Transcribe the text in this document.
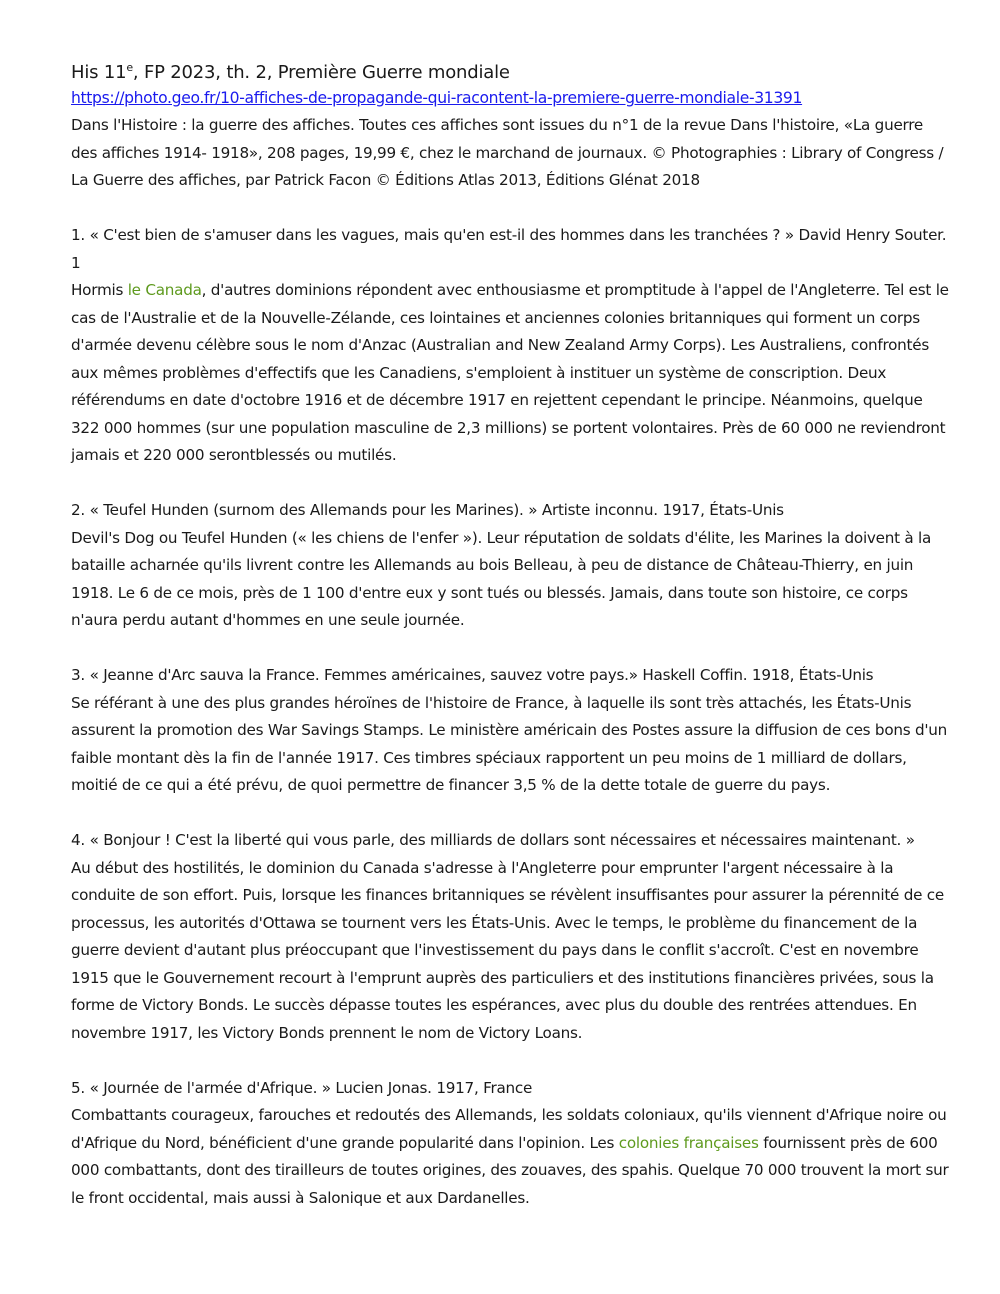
His 11e, FP 2023, th. 2, Première Guerre mondiale
https://photo.geo.fr/10-affiches-de-propagande-qui-racontent-la-premiere-guerre-mondiale-31391

Dans l'Histoire : la guerre des affiches. Toutes ces affiches sont issues du n°1 de la revue Dans l'histoire, «La guerre des affiches 1914- 1918», 208 pages, 19,99 €, chez le marchand de journaux. © Photographies : Library of Congress / La Guerre des affiches, par Patrick Facon © Éditions Atlas 2013, Éditions Glénat 2018

1. « C'est bien de s'amuser dans les vagues, mais qu'en est-il des hommes dans les tranchées ? » David Henry Souter. 1

Hormis le Canada, d'autres dominions répondent avec enthousiasme et promptitude à l'appel de l'Angleterre. Tel est le cas de l'Australie et de la Nouvelle-Zélande, ces lointaines et anciennes colonies britanniques qui forment un corps d'armée devenu célèbre sous le nom d'Anzac (Australian and New Zealand Army Corps). Les Australiens, confrontés aux mêmes problèmes d'effectifs que les Canadiens, s'emploient à instituer un système de conscription. Deux référendums en date d'octobre 1916 et de décembre 1917 en rejettent cependant le principe. Néanmoins, quelque 322 000 hommes (sur une population masculine de 2,3 millions) se portent volontaires. Près de 60 000 ne reviendront jamais et 220 000 serontblessés ou mutilés.

2. « Teufel Hunden (surnom des Allemands pour les Marines). » Artiste inconnu. 1917, États-Unis

Devil's Dog ou Teufel Hunden (« les chiens de l'enfer »). Leur réputation de soldats d'élite, les Marines la doivent à la bataille acharnée qu'ils livrent contre les Allemands au bois Belleau, à peu de distance de Château-Thierry, en juin 1918. Le 6 de ce mois, près de 1 100 d'entre eux y sont tués ou blessés. Jamais, dans toute son histoire, ce corps n'aura perdu autant d'hommes en une seule journée.

3. « Jeanne d'Arc sauva la France. Femmes américaines, sauvez votre pays.» Haskell Coffin. 1918, États-Unis

Se référant à une des plus grandes héroïnes de l'histoire de France, à laquelle ils sont très attachés, les États-Unis assurent la promotion des War Savings Stamps. Le ministère américain des Postes assure la diffusion de ces bons d'un faible montant dès la fin de l'année 1917. Ces timbres spéciaux rapportent un peu moins de 1 milliard de dollars, moitié de ce qui a été prévu, de quoi permettre de financer 3,5 % de la dette totale de guerre du pays.

4. « Bonjour ! C'est la liberté qui vous parle, des milliards de dollars sont nécessaires et nécessaires maintenant. »

Au début des hostilités, le dominion du Canada s'adresse à l'Angleterre pour emprunter l'argent nécessaire à la conduite de son effort. Puis, lorsque les finances britanniques se révèlent insuffisantes pour assurer la pérennité de ce processus, les autorités d'Ottawa se tournent vers les États-Unis. Avec le temps, le problème du financement de la guerre devient d'autant plus préoccupant que l'investissement du pays dans le conflit s'accroît. C'est en novembre 1915 que le Gouvernement recourt à l'emprunt auprès des particuliers et des institutions financières privées, sous la forme de Victory Bonds. Le succès dépasse toutes les espérances, avec plus du double des rentrées attendues. En novembre 1917, les Victory Bonds prennent le nom de Victory Loans.

5. « Journée de l'armée d'Afrique. » Lucien Jonas. 1917, France

Combattants courageux, farouches et redoutés des Allemands, les soldats coloniaux, qu'ils viennent d'Afrique noire ou d'Afrique du Nord, bénéficient d'une grande popularité dans l'opinion. Les colonies françaises fournissent près de 600 000 combattants, dont des tirailleurs de toutes origines, des zouaves, des spahis. Quelque 70 000 trouvent la mort sur le front occidental, mais aussi à Salonique et aux Dardanelles.
